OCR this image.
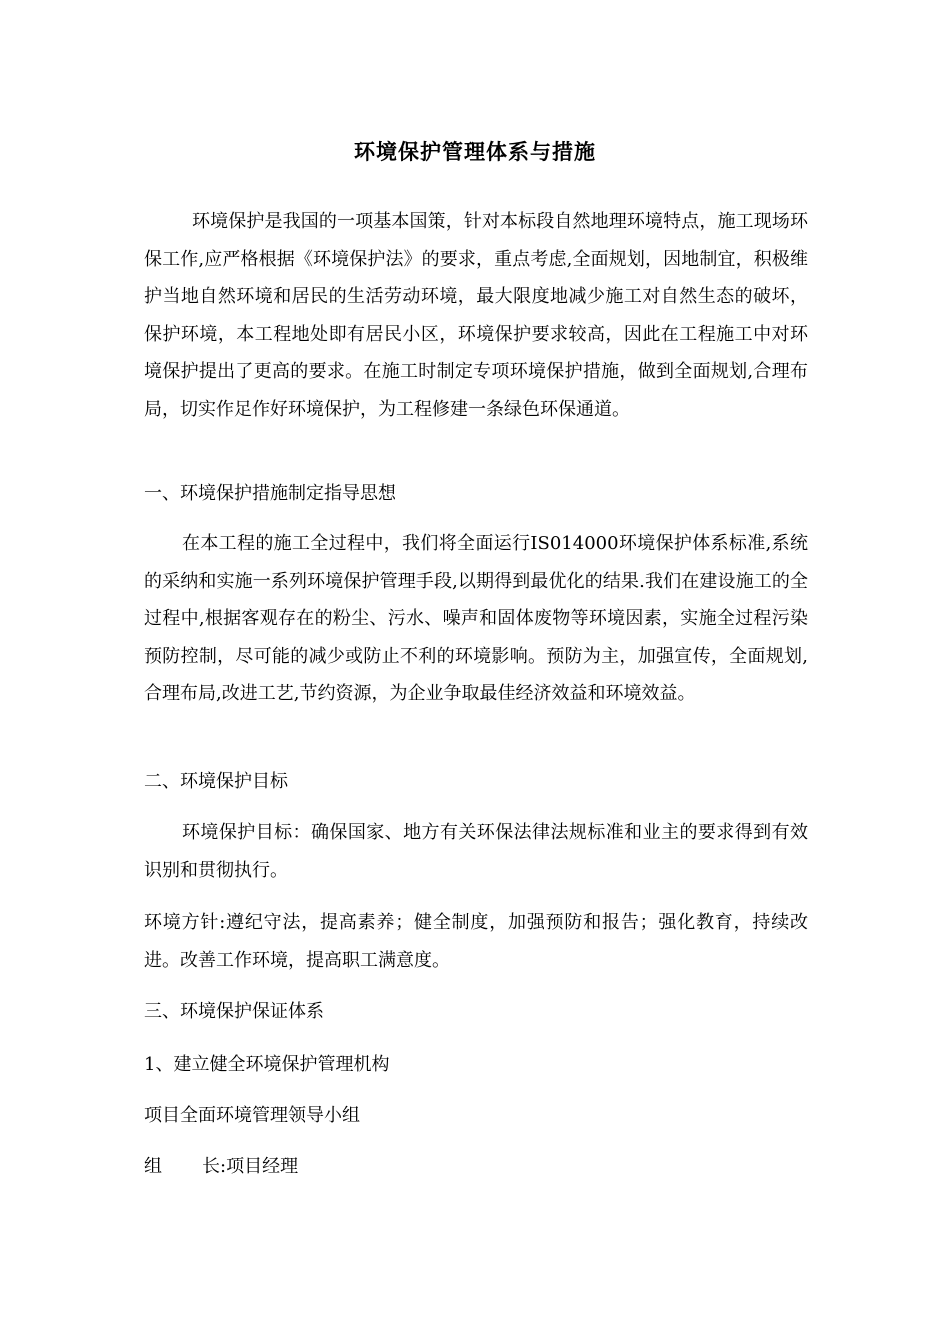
环境保护管理体系与措施
环境保护是我国的一项基本国策，针对本标段自然地理环境特点，施工现场环保工作,应严格根据《环境保护法》的要求，重点考虑,全面规划，因地制宜，积极维护当地自然环境和居民的生活劳动环境，最大限度地减少施工对自然生态的破坏，保护环境，本工程地处即有居民小区，环境保护要求较高，因此在工程施工中对环境保护提出了更高的要求。在施工时制定专项环境保护措施，做到全面规划,合理布局，切实作足作好环境保护，为工程修建一条绿色环保通道。
一、环境保护措施制定指导思想
在本工程的施工全过程中，我们将全面运行IS014000环境保护体系标准,系统的采纳和实施一系列环境保护管理手段,以期得到最优化的结果.我们在建设施工的全过程中,根据客观存在的粉尘、污水、噪声和固体废物等环境因素，实施全过程污染预防控制，尽可能的减少或防止不利的环境影响。预防为主，加强宣传，全面规划,合理布局,改进工艺,节约资源，为企业争取最佳经济效益和环境效益。
二、环境保护目标
环境保护目标：确保国家、地方有关环保法律法规标准和业主的要求得到有效识别和贯彻执行。
环境方针:遵纪守法，提高素养；健全制度，加强预防和报告；强化教育，持续改进。改善工作环境，提高职工满意度。
三、环境保护保证体系
1、建立健全环境保护管理机构
项目全面环境管理领导小组
组 长:项目经理
